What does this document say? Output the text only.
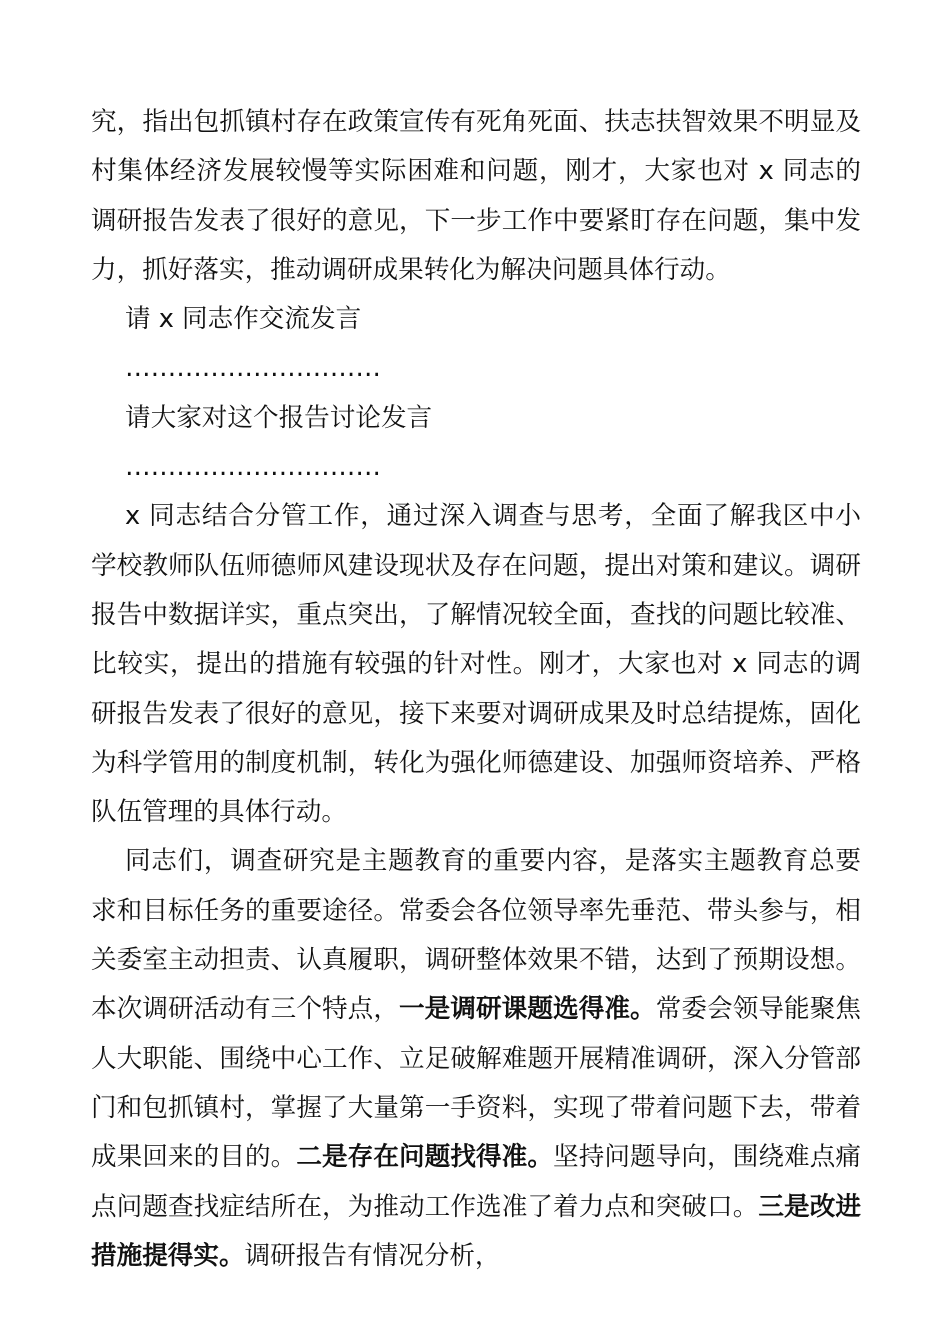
究，指出包抓镇村存在政策宣传有死角死面、扶志扶智效果不明显及村集体经济发展较慢等实际困难和问题，刚才，大家也对 x 同志的调研报告发表了很好的意见，下一步工作中要紧盯存在问题，集中发力，抓好落实，推动调研成果转化为解决问题具体行动。

请 x 同志作交流发言

…………………………

请大家对这个报告讨论发言

…………………………

x 同志结合分管工作，通过深入调查与思考，全面了解我区中小学校教师队伍师德师风建设现状及存在问题，提出对策和建议。调研报告中数据详实，重点突出，了解情况较全面，查找的问题比较准、比较实，提出的措施有较强的针对性。刚才，大家也对 x 同志的调研报告发表了很好的意见，接下来要对调研成果及时总结提炼，固化为科学管用的制度机制，转化为强化师德建设、加强师资培养、严格队伍管理的具体行动。

同志们，调查研究是主题教育的重要内容，是落实主题教育总要求和目标任务的重要途径。常委会各位领导率先垂范、带头参与，相关委室主动担责、认真履职，调研整体效果不错，达到了预期设想。本次调研活动有三个特点，一是调研课题选得准。常委会领导能聚焦人大职能、围绕中心工作、立足破解难题开展精准调研，深入分管部门和包抓镇村，掌握了大量第一手资料，实现了带着问题下去，带着成果回来的目的。二是存在问题找得准。坚持问题导向，围绕难点痛点问题查找症结所在，为推动工作选准了着力点和突破口。三是改进措施提得实。调研报告有情况分析，
